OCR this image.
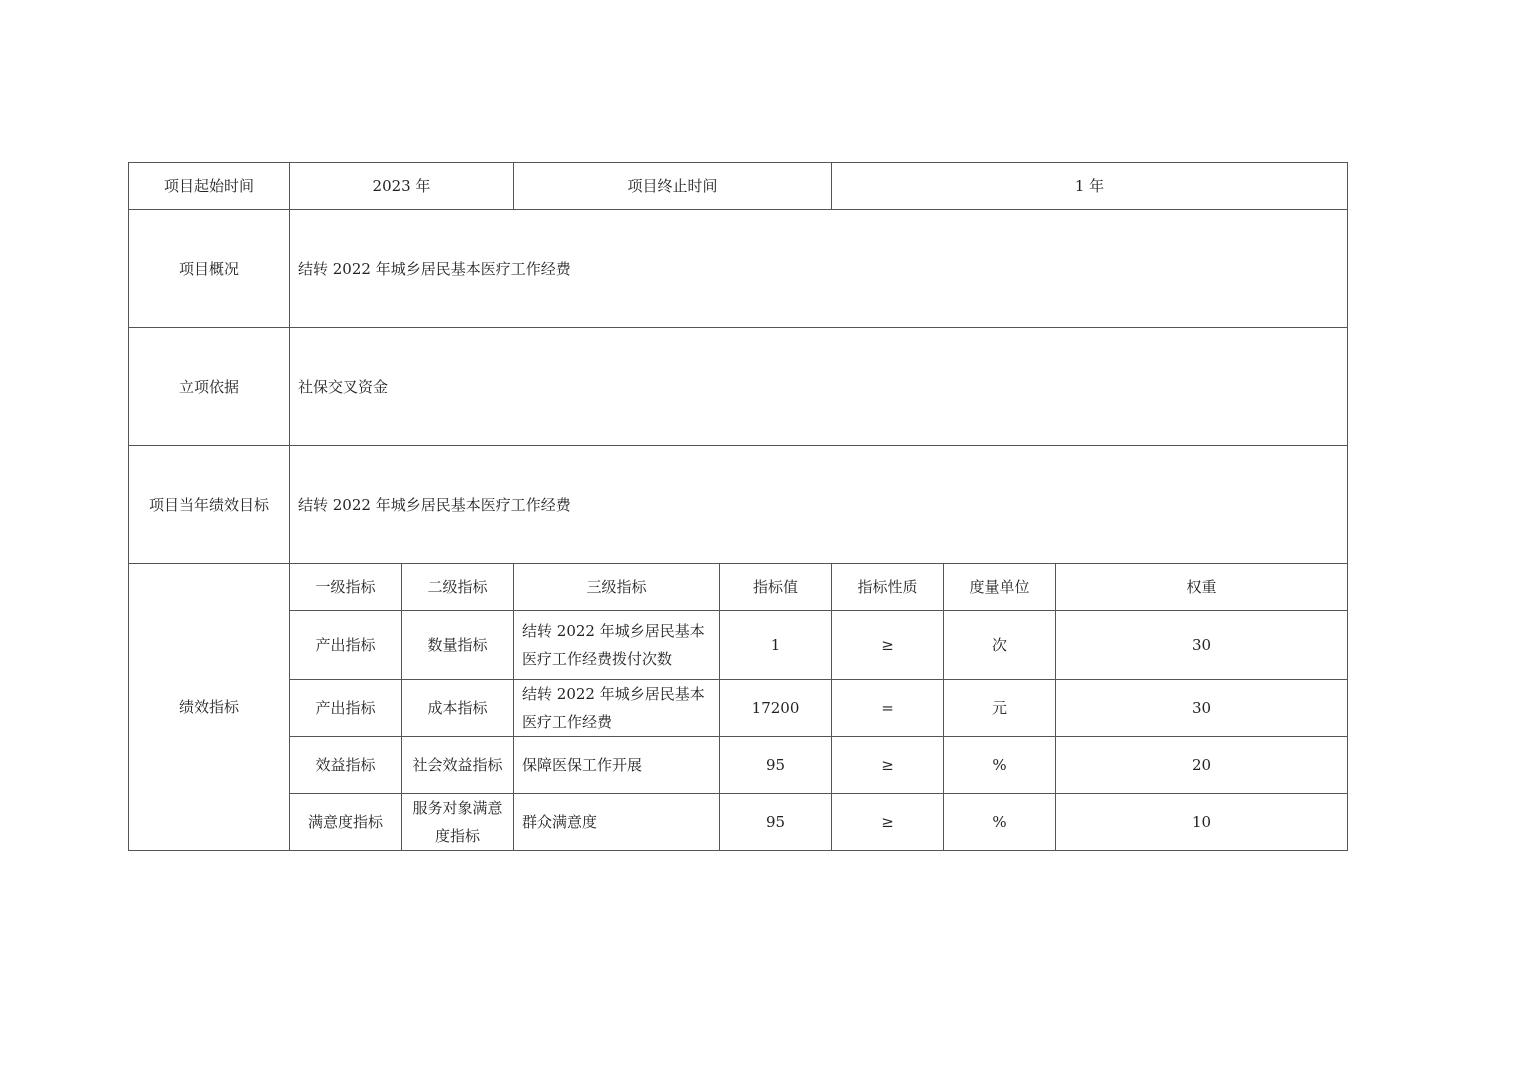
项目起始时间	2023 年		项目终止时间		1 年		
项目概况	结转 2022 年城乡居民基本医疗工作经费						
立项依据	社保交叉资金						
项目当年绩效目标	结转 2022 年城乡居民基本医疗工作经费						
绩效指标	一级指标	二级指标	三级指标	指标值	指标性质	度量单位	权重
	产出指标	数量指标	结转 2022 年城乡居民基本医疗工作经费拨付次数	1	≥	次	30
	产出指标	成本指标	结转 2022 年城乡居民基本医疗工作经费	17200	=	元	30
	效益指标	社会效益指标	保障医保工作开展	95	≥	%	20
	满意度指标	服务对象满意度指标	群众满意度	95	≥	%	10
